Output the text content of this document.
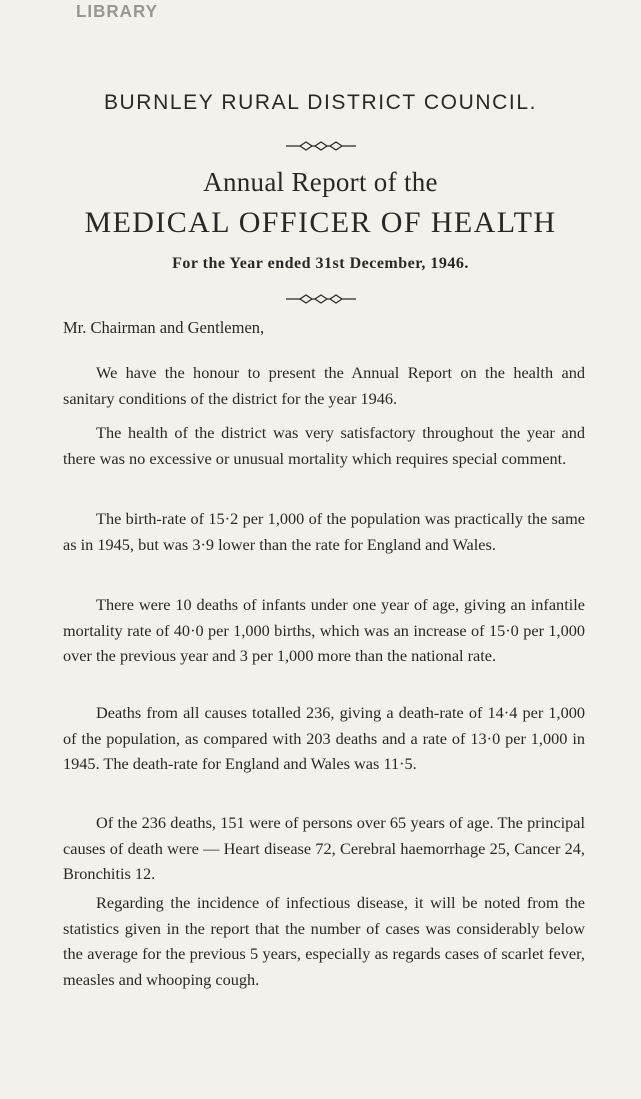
LIBRARY
BURNLEY RURAL DISTRICT COUNCIL.
Annual Report of the
MEDICAL OFFICER OF HEALTH
For the Year ended 31st December, 1946.
Mr. Chairman and Gentlemen,

We have the honour to present the Annual Report on the health and sanitary conditions of the district for the year 1946.

The health of the district was very satisfactory throughout the year and there was no excessive or unusual mortality which requires special comment.

The birth-rate of 15·2 per 1,000 of the population was practically the same as in 1945, but was 3·9 lower than the rate for England and Wales.

There were 10 deaths of infants under one year of age, giving an infantile mortality rate of 40·0 per 1,000 births, which was an increase of 15·0 per 1,000 over the previous year and 3 per 1,000 more than the national rate.

Deaths from all causes totalled 236, giving a death-rate of 14·4 per 1,000 of the population, as compared with 203 deaths and a rate of 13·0 per 1,000 in 1945. The death-rate for England and Wales was 11·5.

Of the 236 deaths, 151 were of persons over 65 years of age. The principal causes of death were — Heart disease 72, Cerebral haemorrhage 25, Cancer 24, Bronchitis 12.

Regarding the incidence of infectious disease, it will be noted from the statistics given in the report that the number of cases was considerably below the average for the previous 5 years, especially as regards cases of scarlet fever, measles and whooping cough.
